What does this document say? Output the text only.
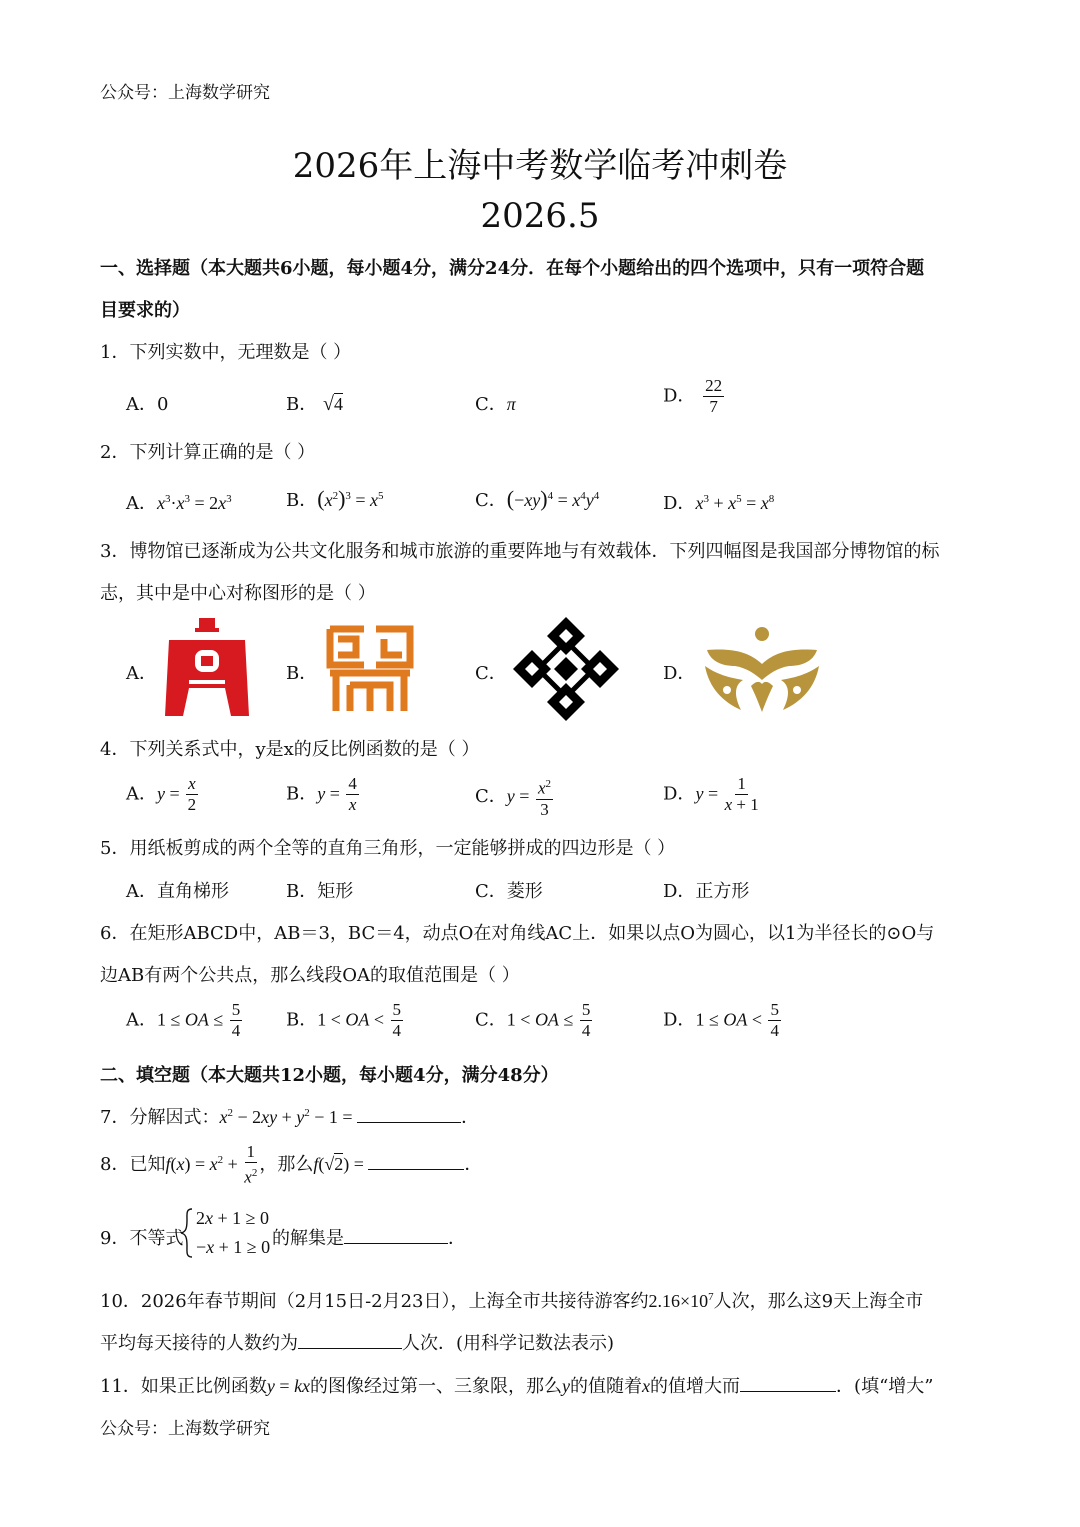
公众号：上海数学研究
2026年上海中考数学临考冲刺卷
2026.5
一、选择题（本大题共6小题，每小题4分，满分24分．在每个小题给出的四个选项中，只有一项符合题
目要求的）
1．下列实数中，无理数是（ ）
A．0	B． √4	C．π	D． $\frac{22}{7}$
2．下列计算正确的是（ ）
A．$x^3\cdot x^3 = 2x^3$	B．$(x^2)^3 = x^5$	C．$(-xy)^4 = x^4y^4$	D．$x^3 + x^5 = x^8$
3．博物馆已逐渐成为公共文化服务和城市旅游的重要阵地与有效载体．下列四幅图是我国部分博物馆的标
志，其中是中心对称图形的是（ ）
A．	B．	C．	D．
4．下列关系式中，y是x的反比例函数的是（ ）
A．$y = \frac{x}{2}$	B．$y = \frac{4}{x}$	C．$y = \frac{x^2}{3}$	D．$y = \frac{1}{x + 1}$
5．用纸板剪成的两个全等的直角三角形，一定能够拼成的四边形是（ ）
A．直角梯形	B．矩形	C．菱形	D．正方形
6．在矩形ABCD中，AB＝3，BC＝4，动点O在对角线AC上．如果以点O为圆心，以1为半径长的⊙O与
边AB有两个公共点，那么线段OA的取值范围是（ ）
A．1 ≤ OA ≤ $\frac{5}{4}$ B．1 < OA < $\frac{5}{4}$	C．1 < OA ≤ $\frac{5}{4}$	D．1 ≤ OA < $\frac{5}{4}$
二、填空题（本大题共12小题，每小题4分，满分48分）
7．分解因式：$x^2 - 2xy + y^2 - 1$ =	．
8．已知$f(x) = x^2 + \frac{1}{x^2}$ ，那么f(√2) =	．
9．不等式
2x + 1 ≥ 0
−x + 1 ≥ 0 的解集是	．
10．2026年春节期间（2月15日-2月23日），上海全市共接待游客约$2.16\times 10^7$人次，那么这9天上海全市
平均每天接待的人数约为	人次．(用科学记数法表示)
11．如果正比例函数y = kx的图像经过第一、三象限，那么y的值随着x的值增大而	．(填“增大”
公众号：上海数学研究
